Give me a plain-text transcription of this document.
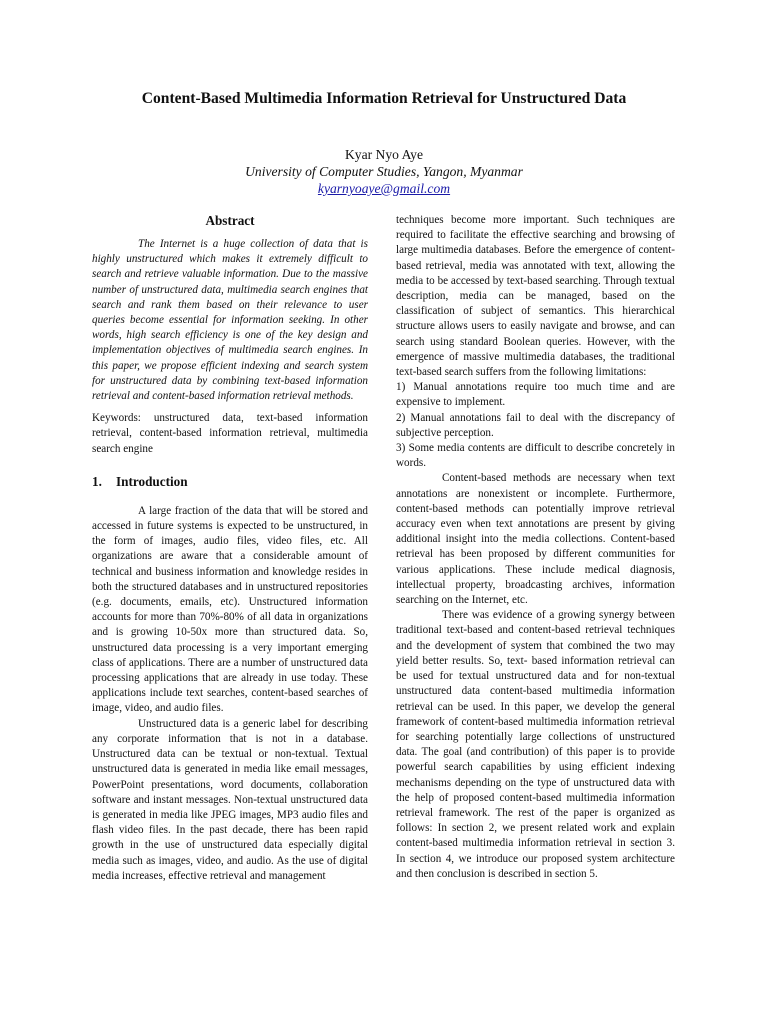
Content-Based Multimedia Information Retrieval for Unstructured Data
Kyar Nyo Aye
University of Computer Studies, Yangon, Myanmar
kyarnyoaye@gmail.com
Abstract

The Internet is a huge collection of data that is highly unstructured which makes it extremely difficult to search and retrieve valuable information. Due to the massive number of unstructured data, multimedia search engines that search and rank them based on their relevance to user queries become essential for information seeking. In other words, high search efficiency is one of the key design and implementation objectives of multimedia search engines. In this paper, we propose efficient indexing and search system for unstructured data by combining text-based information retrieval and content-based information retrieval methods.

Keywords: unstructured data, text-based information retrieval, content-based information retrieval, multimedia search engine

1. Introduction

A large fraction of the data that will be stored and accessed in future systems is expected to be unstructured, in the form of images, audio files, video files, etc. All organizations are aware that a considerable amount of technical and business information and knowledge resides in both the structured databases and in unstructured repositories (e.g. documents, emails, etc). Unstructured information accounts for more than 70%-80% of all data in organizations and is growing 10-50x more than structured data. So, unstructured data processing is a very important emerging class of applications. There are a number of unstructured data processing applications that are already in use today. These applications include text searches, content-based searches of image, video, and audio files.

Unstructured data is a generic label for describing any corporate information that is not in a database. Unstructured data can be textual or non-textual. Textual unstructured data is generated in media like email messages, PowerPoint presentations, word documents, collaboration software and instant messages. Non-textual unstructured data is generated in media like JPEG images, MP3 audio files and flash video files. In the past decade, there has been rapid growth in the use of unstructured data especially digital media such as images, video, and audio. As the use of digital media increases, effective retrieval and management

techniques become more important. Such techniques are required to facilitate the effective searching and browsing of large multimedia databases. Before the emergence of content-based retrieval, media was annotated with text, allowing the media to be accessed by text-based searching. Through textual description, media can be managed, based on the classification of subject of semantics. This hierarchical structure allows users to easily navigate and browse, and can search using standard Boolean queries. However, with the emergence of massive multimedia databases, the traditional text-based search suffers from the following limitations:

1) Manual annotations require too much time and are expensive to implement.

2) Manual annotations fail to deal with the discrepancy of subjective perception.

3) Some media contents are difficult to describe concretely in words.

Content-based methods are necessary when text annotations are nonexistent or incomplete. Furthermore, content-based methods can potentially improve retrieval accuracy even when text annotations are present by giving additional insight into the media collections. Content-based retrieval has been proposed by different communities for various applications. These include medical diagnosis, intellectual property, broadcasting archives, information searching on the Internet, etc.

There was evidence of a growing synergy between traditional text-based and content-based retrieval techniques and the development of system that combined the two may yield better results. So, text- based information retrieval can be used for textual unstructured data and for non-textual unstructured data content-based multimedia information retrieval can be used. In this paper, we develop the general framework of content-based multimedia information retrieval for searching potentially large collections of unstructured data. The goal (and contribution) of this paper is to provide powerful search capabilities by using efficient indexing mechanisms depending on the type of unstructured data with the help of proposed content-based multimedia information retrieval framework. The rest of the paper is organized as follows: In section 2, we present related work and explain content-based multimedia information retrieval in section 3. In section 4, we introduce our proposed system architecture and then conclusion is described in section 5.
